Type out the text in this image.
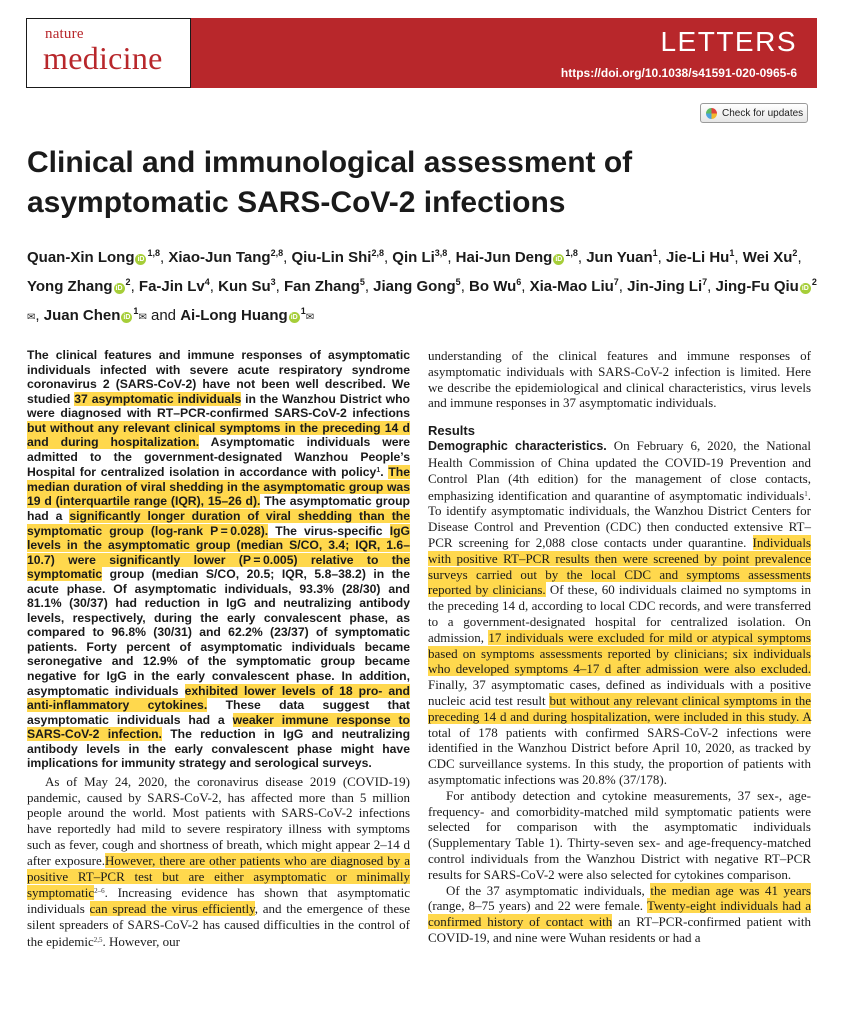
nature
medicine	LETTERS
https://doi.org/10.1038/s41591-020-0965-6
Check for updates
Clinical and immunological assessment of asymptomatic SARS-CoV-2 infections
Quan-Xin Long iD$^{1,8}$, Xiao-Jun Tang$^{2,8}$, Qiu-Lin Shi$^{2,8}$, Qin Li$^{3,8}$, Hai-Jun Deng iD$^{1,8}$, Jun Yuan$^1$, Jie-Li Hu$^1$, Wei Xu$^2$, Yong Zhang $iD^2$, Fa-Jin Lv$^4$, Kun Su$^3$, Fan Zhang$^5$, Jiang Gong$^5$, Bo Wu$^6$, Xia-Mao Liu$^7$, Jin-Jing Li$^7$, Jing-Fu Qiu $iD^2✉$, Juan Chen $iD^1✉$ and Ai-Long Huang $iD^1✉$

The clinical features and immune responses of asymptomatic individuals infected with severe acute respiratory syndrome coronavirus 2 (SARS-CoV-2) have not been well described. We studied 37 asymptomatic individuals in the Wanzhou District who were diagnosed with RT–PCR-confirmed SARS-CoV-2 infections but without any relevant clinical symptoms in the preceding 14 d and during hospitalization. Asymptomatic individuals were admitted to the government-designated Wanzhou People’s Hospital for centralized isolation in accordance with policy$^1$. The median duration of viral shedding in the asymptomatic group was 19 d (interquartile range (IQR), 15–26 d). The asymptomatic group had a significantly longer duration of viral shedding than the symptomatic group (log-rank P = 0.028). The virus-specific IgG levels in the asymptomatic group (median S/CO, 3.4; IQR, 1.6–10.7) were significantly lower (P = 0.005) relative to the symptomatic group (median S/CO, 20.5; IQR, 5.8–38.2) in the acute phase. Of asymptomatic individuals, 93.3% (28/30) and 81.1% (30/37) had reduction in IgG and neutralizing antibody levels, respectively, during the early convalescent phase, as compared to 96.8% (30/31) and 62.2% (23/37) of symptomatic patients. Forty percent of asymptomatic individuals became seronegative and 12.9% of the symptomatic group became negative for IgG in the early convalescent phase. In addition, asymptomatic individuals exhibited lower levels of 18 pro- and anti-inflammatory cytokines. These data suggest that asymptomatic individuals had a weaker immune response to SARS-CoV-2 infection. The reduction in IgG and neutralizing antibody levels in the early convalescent phase might have implications for immunity strategy and serological surveys.

As of May 24, 2020, the coronavirus disease 2019 (COVID-19) pandemic, caused by SARS-CoV-2, has affected more than 5 million people around the world. Most patients with SARS-CoV-2 infections have reportedly had mild to severe respiratory illness with symptoms such as fever, cough and shortness of breath, which might appear 2–14 d after exposure.However, there are other patients who are diagnosed by a positive RT–PCR test but are either asymptomatic or minimally symptomatic$^{2-6}$. Increasing evidence has shown that asymptomatic individuals can spread the virus efficiently, and the emergence of these silent spreaders of SARS-CoV-2 has caused difficulties in the control of the epidemic$^{2,5}$. However, our

understanding of the clinical features and immune responses of asymptomatic individuals with SARS-CoV-2 infection is limited. Here we describe the epidemiological and clinical characteristics, virus levels and immune responses in 37 asymptomatic individuals.

Results

Demographic characteristics. On February 6, 2020, the National Health Commission of China updated the COVID-19 Prevention and Control Plan (4th edition) for the management of close contacts, emphasizing identification and quarantine of asymptomatic individuals$^1$. To identify asymptomatic individuals, the Wanzhou District Centers for Disease Control and Prevention (CDC) then conducted extensive RT–PCR screening for 2,088 close contacts under quarantine. Individuals with positive RT–PCR results then were screened by point prevalence surveys carried out by the local CDC and symptoms assessments reported by clinicians. Of these, 60 individuals claimed no symptoms in the preceding 14 d, according to local CDC records, and were transferred to a government-designated hospital for centralized isolation. On admission, 17 individuals were excluded for mild or atypical symptoms based on symptoms assessments reported by clinicians; six individuals who developed symptoms 4–17 d after admission were also excluded. Finally, 37 asymptomatic cases, defined as individuals with a positive nucleic acid test result but without any relevant clinical symptoms in the preceding 14 d and during hospitalization, were included in this study. A total of 178 patients with confirmed SARS-CoV-2 infections were identified in the Wanzhou District before April 10, 2020, as tracked by CDC surveillance systems. In this study, the proportion of patients with asymptomatic infections was 20.8% (37/178).

For antibody detection and cytokine measurements, 37 sex-, age-frequency- and comorbidity-matched mild symptomatic patients were selected for comparison with the asymptomatic individuals (Supplementary Table 1). Thirty-seven sex- and age-frequency-matched control individuals from the Wanzhou District with negative RT–PCR results for SARS-CoV-2 were also selected for cytokines comparison.

Of the 37 asymptomatic individuals, the median age was 41 years (range, 8–75 years) and 22 were female. Twenty-eight individuals had a confirmed history of contact with an RT–PCR-confirmed patient with COVID-19, and nine were Wuhan residents or had a
